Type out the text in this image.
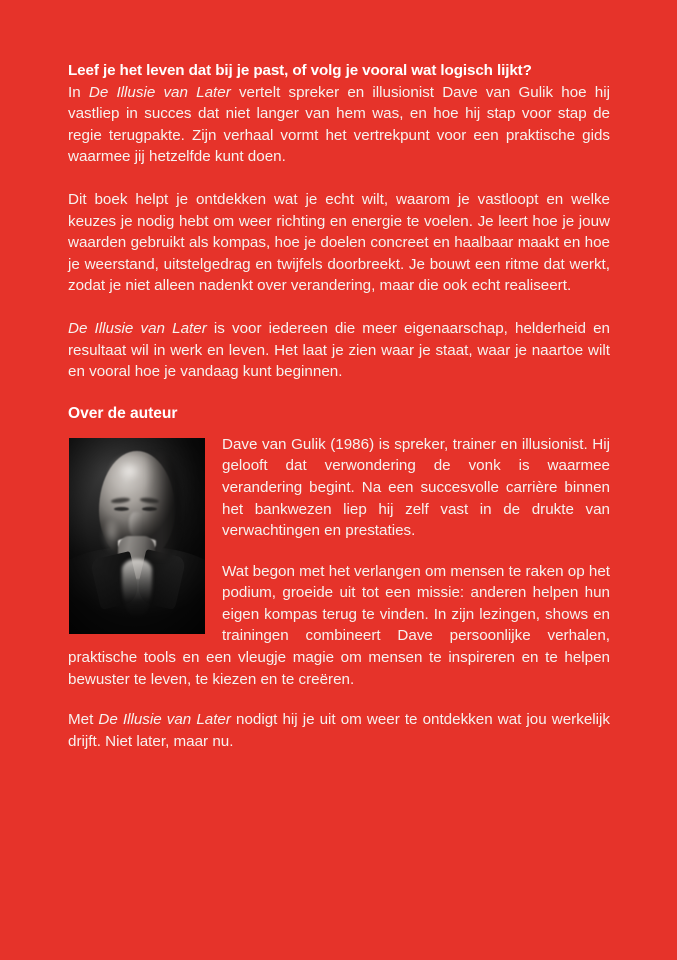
Leef je het leven dat bij je past, of volg je vooral wat logisch lijkt?
In De Illusie van Later vertelt spreker en illusionist Dave van Gulik hoe hij vastliep in succes dat niet langer van hem was, en hoe hij stap voor stap de regie terugpakte. Zijn verhaal vormt het vertrekpunt voor een praktische gids waarmee jij hetzelfde kunt doen.

Dit boek helpt je ontdekken wat je echt wilt, waarom je vastloopt en welke keuzes je nodig hebt om weer richting en energie te voelen. Je leert hoe je jouw waarden gebruikt als kompas, hoe je doelen concreet en haalbaar maakt en hoe je weerstand, uitstelgedrag en twijfels doorbreekt. Je bouwt een ritme dat werkt, zodat je niet alleen nadenkt over verandering, maar die ook echt realiseert.

De Illusie van Later is voor iedereen die meer eigenaarschap, helderheid en resultaat wil in werk en leven. Het laat je zien waar je staat, waar je naartoe wilt en vooral hoe je vandaag kunt beginnen.

Over de auteur

Dave van Gulik (1986) is spreker, trainer en illusionist. Hij gelooft dat verwondering de vonk is waarmee verandering begint. Na een succesvolle carrière binnen het bankwezen liep hij zelf vast in de drukte van verwachtingen en prestaties.

Wat begon met het verlangen om mensen te raken op het podium, groeide uit tot een missie: anderen helpen hun eigen kompas terug te vinden. In zijn lezingen, shows en trainingen combineert Dave persoonlijke verhalen, praktische tools en een vleugje magie om mensen te inspireren en te helpen bewuster te leven, te kiezen en te creëren.

Met De Illusie van Later nodigt hij je uit om weer te ontdekken wat jou werkelijk drijft. Niet later, maar nu.
